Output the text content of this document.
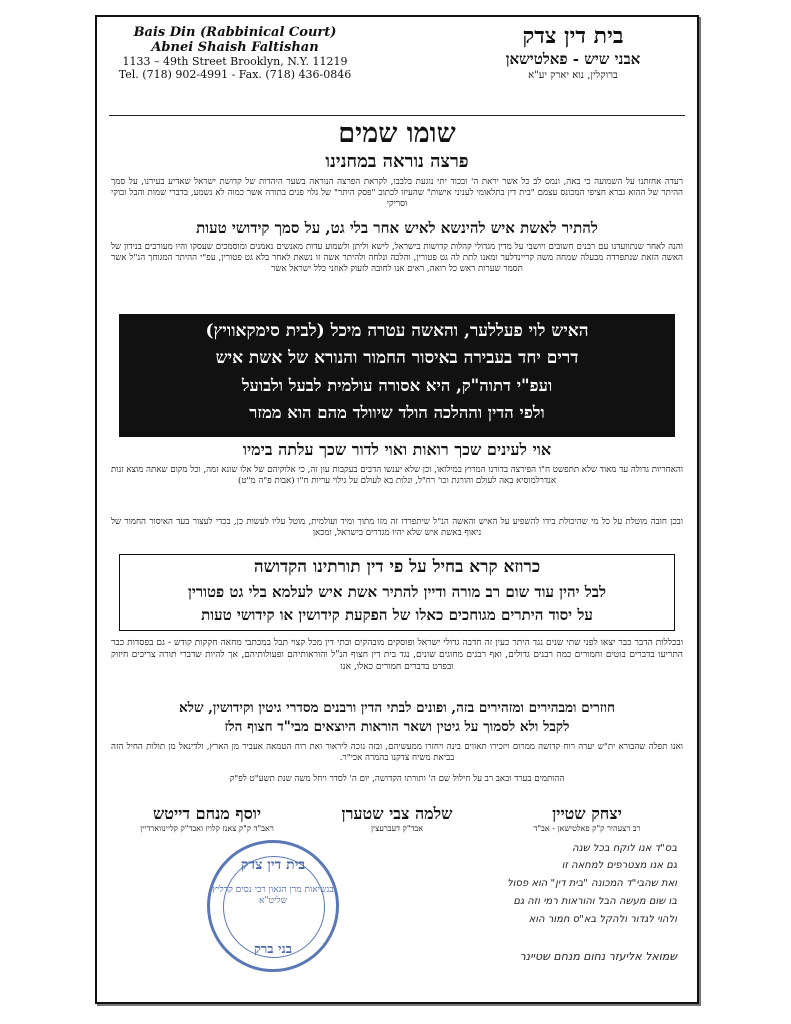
Bais Din (Rabbinical Court)
Abnei Shaish Faltishan
1133 – 49th Street Brooklyn, N.Y. 11219
Tel. (718) 902-4991 - Fax. (718) 436-0846
בית דין צדק
אבני שיש - פאלטישאן
ברוקלין, נוא יארק יע"א
שומו שמים
פרצה נוראה במחנינו
רעדה אחזתנו על השמועה כי באה, ונמס לב כל אשר יראת ה' ובכוד יתי נוגעת בלבבו, לקראת הפרצה הנוראה בשער היהדות של קדושת ישראל שאדיע בעירנו, על סמך ההיתר של ההוא גברא חציפי המכונס עצמם "בית דין בתלאומי לעניני אישות" שהעיזו לכתוב "פסק היתר" של גלוי פנים בתורה אשר כמוה לא נשמע, בדברי שמות והבל ובוקי וסריקי
להתיר לאשת איש להינשא לאיש אחר בלי גט, על סמך קידושי טעות
והנה לאחר שנתוועדנו עם רבנים חשובים ויושבי על מדין מגדולי קהלות קדושות בישראל, לישא וליתן ולשמוע עדות מאנשים נאמנים ומוסמכים שעסקו והיו מעורבים בנידון של האשה הזאת שנתפרדה מבעלה שמחה משה קריינדלער ומאנו לתת לה גט פטורין, והלכה ונלחה ולהיתר אשה זו נשאת לאחר בלא גט פטורין, עפ"י ההיתר המגוחך הנ"ל אשר תסמר שערות ראש כל רואה, ראים אנו לחובה לזעוק לאוזני כלל ישראל אשר
האיש לוי פעללער, והאשה עטרה מיכל (לבית סימקאוויץ)
דרים יחד בעבירה באיסור החמור והנורא של אשת איש
ועפ"י דתוה"ק, היא אסורה עולמית לבעל ולבועל
ולפי הדין וההלכה הולד שיוולד מהם הוא ממזר
אוי לעינים שכך רואות ואוי לדור שכך עלתה בימיו
והאחריות גדולה עד מאוד שלא תתפשט ח"ו הפירצה בדורנו המרוץ במילואו, וכן שלא יענשו הדבים בעקבות עון זה, כי אלוקיהם של אלו שונא זמה, וכל מקום שאתה מוצא זנות אנדרלמוסיא באה לעולם והורגת וכו' רח"ל, ונלות בא לעולם על גילוי עריות ח"ו (אבות פ"ה מ"ט)
ובכן חובה מוטלת על כל מי שהיכולת בידו להשפיע על האיש והאשה הנ"ל שיתפרדו זה מזו מתוך ומיד ועולמית, מוטל עליו לעשות כן, בכדי לעצור בעד האיסור החמור של ניאוף באשת איש שלא יהיו מגדרים בישראל, ומכאן
כרוזא קרא בחיל על פי דין תורתינו הקדושה
לבל יהין עוד שום רב מורה ודיין להתיר אשת איש לעלמא בלי גט פטורין
על יסוד היתרים מגוחכים כאלו של הפקעת קידושין או קידושי טעות
ובכללות הדבר כבר יצאו לפני שתי שנים נגד היתר כעין זה חדבה גדולי ישראל ופוסקים מובהקים ובתי דין מכל קצוי תבל במכתבי מחאה חקקות קודש - גם בפסדות כבר התריעו בדברים בוטים וחמורים כמה רבנים גדולים, ואף רבנים מחוגים שונים, נגד בית דין חצוף הנ"ל והוראותיהם ופעולותיהם, אך להיות שדברי תורה צריכים חיזוק ובפרט בדברים חמורים כאלו, אנו
חוזרים ומבהירים ומזהירים בזה, ופונים לבתי הדין ורבנים מסדרי גיטין וקידושין, שלא
לקבל ולא לסמוך על גיטין ושאר הוראות היוצאים מבי"ד חצוף הלז
ואנו תפלה שהבורא ית"ש יערה רוח קדושה ממרום ויזכירו תאווים בינה ויחזרו ממעשיהם, ובזה נזכה ליראור ואת רוח הטמאה אעביר מן הארץ, ולדינאל מן תולות החיל הזה בביאת משיח צדקנו בהמרה אכי"ר.
ההותמים בערד ובאב רב על חילול שם ה' ותורתו הקדושה, יום ה' לסדר ויחל משה שנת תשע"ט לפ"ק
יצחק שטיין
רב דצעהיר ק"ק פאלטישאן - אב"ד
שלמה צבי שטערן
אבד"ק דעברעצין
יוסף מנחם דייטש
ראב"ד ק"ק צאנז קלויז ואבד"ק קליינווארדיין
בית דין צדק
בנשיאות מרן הגאון רבי נסים קרליץ שליט"א
בני ברק
בס"ד אנו לוקח בכל שנה
גם אנו מצטרפים למחאה זו
ואת שהבי"ד המכונה "בית דין" הוא פסול
בו שום מעשה הבל והוראות רמי וזה גם
ולהוי לגדור ולהקל בא"ס חמור הוא
שמואל אליעזר נחום מנחם שטיינר
